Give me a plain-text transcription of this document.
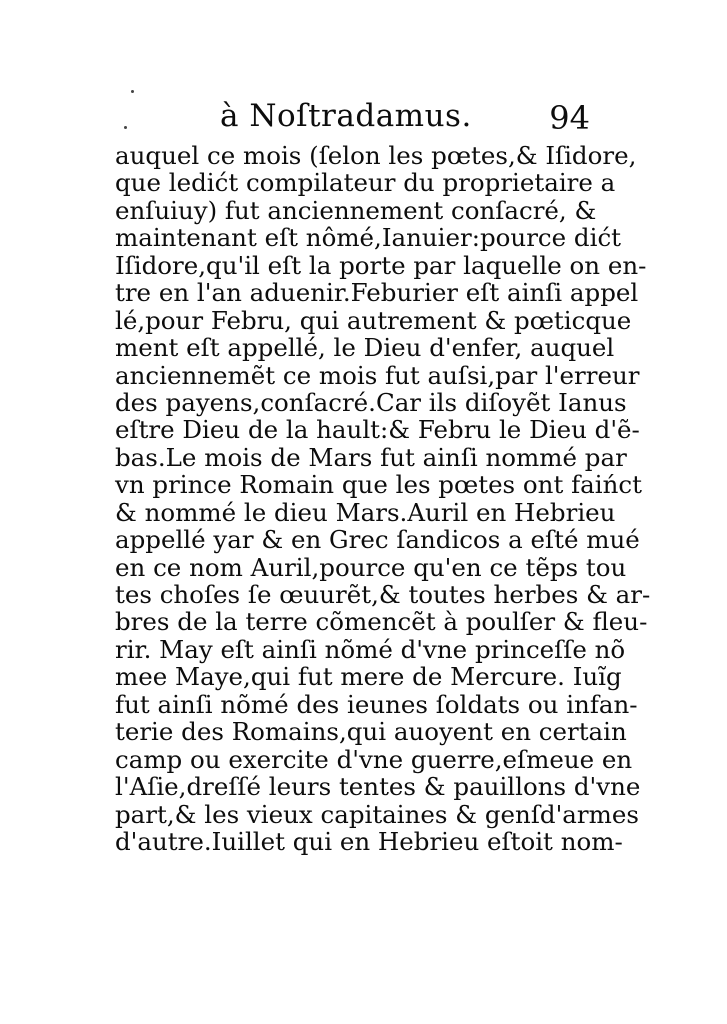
à Noſtradamus. 94
auquel ce mois (ſelon les pœtes,& Iſidore,
que ledićt compilateur du proprietaire a
enſuiuy) fut anciennement conſacré, &
maintenant eſt nômé,Ianuier:pource dićt
Iſidore,qu'il eſt la porte par laquelle on en-
tre en l'an aduenir.Feburier eſt ainſi appel
lé,pour Febru, qui autrement & pœticque
ment eſt appellé, le Dieu d'enfer, auquel
anciennemẽt ce mois fut auſsi,par l'erreur
des payens,conſacré.Car ils diſoyẽt Ianus
eſtre Dieu de la hault:& Febru le Dieu d'ẽ-
bas.Le mois de Mars fut ainſi nommé par
vn prince Romain que les pœtes ont faińct
& nommé le dieu Mars.Auril en Hebrieu
appellé yar & en Grec ſandicos a eſté mué
en ce nom Auril,pource qu'en ce tẽps tou
tes choſes ſe œuurẽt,& toutes herbes & ar-
bres de la terre cõmencẽt à poulſer & fleu-
rir. May eſt ainſi nõmé d'vne princeſſe nõ
mee Maye,qui fut mere de Mercure. Iuĩg
fut ainſi nõmé des ieunes ſoldats ou infan-
terie des Romains,qui auoyent en certain
camp ou exercite d'vne guerre,eſmeue en
l'Aſie,dreſſé leurs tentes & pauillons d'vne
part,& les vieux capitaines & genſd'armes
d'autre.Iuillet qui en Hebrieu eſtoit nom-
